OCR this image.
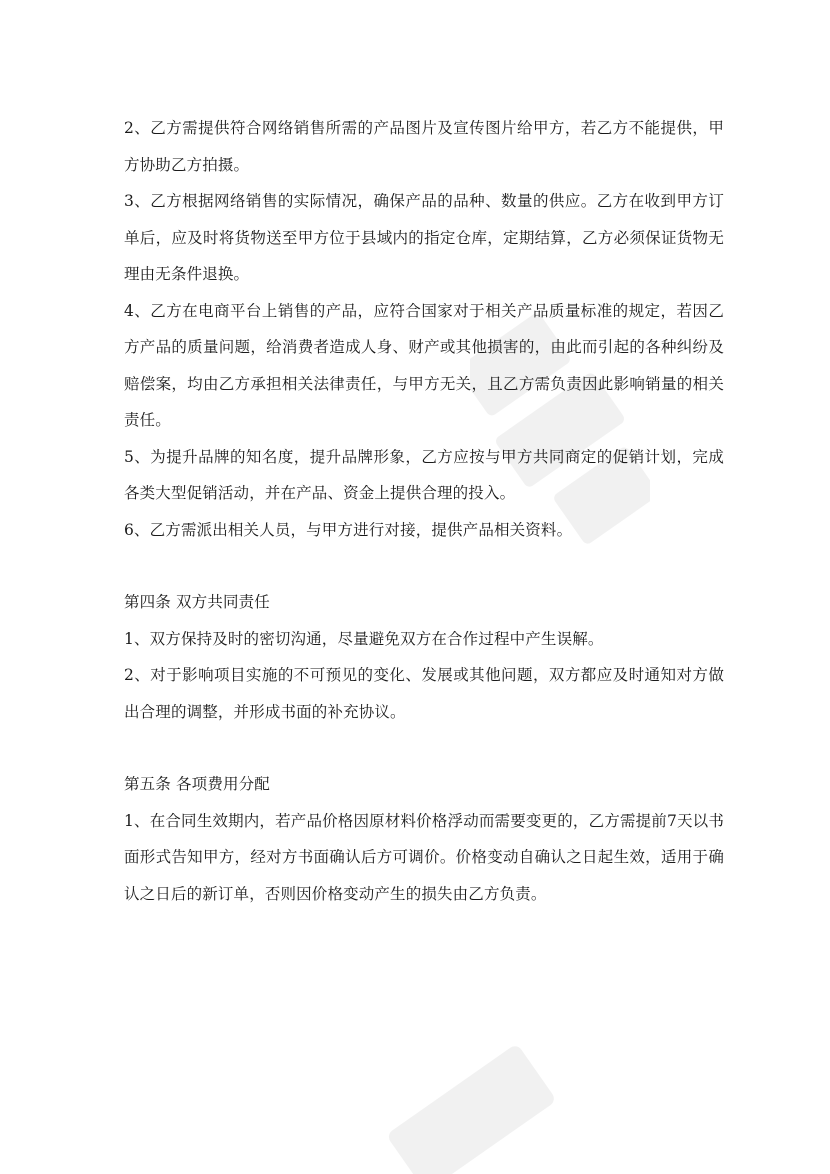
2、乙方需提供符合网络销售所需的产品图片及宣传图片给甲方，若乙方不能提供，甲方协助乙方拍摄。

3、乙方根据网络销售的实际情况，确保产品的品种、数量的供应。乙方在收到甲方订单后，应及时将货物送至甲方位于县域内的指定仓库，定期结算，乙方必须保证货物无理由无条件退换。

4、乙方在电商平台上销售的产品，应符合国家对于相关产品质量标准的规定，若因乙方产品的质量问题，给消费者造成人身、财产或其他损害的，由此而引起的各种纠纷及赔偿案，均由乙方承担相关法律责任，与甲方无关，且乙方需负责因此影响销量的相关责任。

5、为提升品牌的知名度，提升品牌形象，乙方应按与甲方共同商定的促销计划，完成各类大型促销活动，并在产品、资金上提供合理的投入。

6、乙方需派出相关人员，与甲方进行对接，提供产品相关资料。

第四条 双方共同责任

1、双方保持及时的密切沟通，尽量避免双方在合作过程中产生误解。

2、对于影响项目实施的不可预见的变化、发展或其他问题，双方都应及时通知对方做出合理的调整，并形成书面的补充协议。

第五条 各项费用分配

1、在合同生效期内，若产品价格因原材料价格浮动而需要变更的，乙方需提前7天以书面形式告知甲方，经对方书面确认后方可调价。价格变动自确认之日起生效，适用于确认之日后的新订单，否则因价格变动产生的损失由乙方负责。
